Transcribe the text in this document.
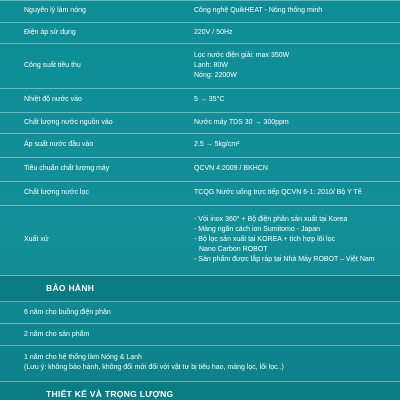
Nguyên lý làm nóng	Công nghệ QuikHEAT - Nóng thông minh

Điện áp sử dụng	220V / 50Hz

Công suất tiêu thụ	Lọc nước điện giải: max 350W
Lạnh: 80W
Nóng: 2200W

Nhiệt độ nước vào	5 → 35°C

Chất lượng nước nguồn vào	Nước máy TDS 30 → 300ppm

Áp suất nước đầu vào	2.5 → 5kg/cm²

Tiêu chuẩn chất lượng máy	QCVN 4:2009 / BKHCN

Chất lượng nước lọc	TCQG Nước uống trực tiếp QCVN 6-1: 2010/ Bộ Y Tế

Xuất xứ	- Vòi inox 360° + Bộ điện phân sản xuất tại Korea
- Màng ngăn cách ion Sumitomo - Japan
- Bộ lọc sản xuất tại KOREA + tích hợp lõi lọc
Nano Carbon ROBOT
- Sản phẩm được lắp ráp tại Nhà Máy ROBOT – Việt Nam
BẢO HÀNH
6 năm cho buồng điện phân
2 năm cho sản phẩm
1 năm cho hệ thống làm Nóng & Lạnh
(Lưu ý: không bảo hành, không đổi mới đối với vật tư bị tiêu hao, màng lọc, lõi lọc..)
THIẾT KẾ VÀ TRỌNG LƯỢNG
